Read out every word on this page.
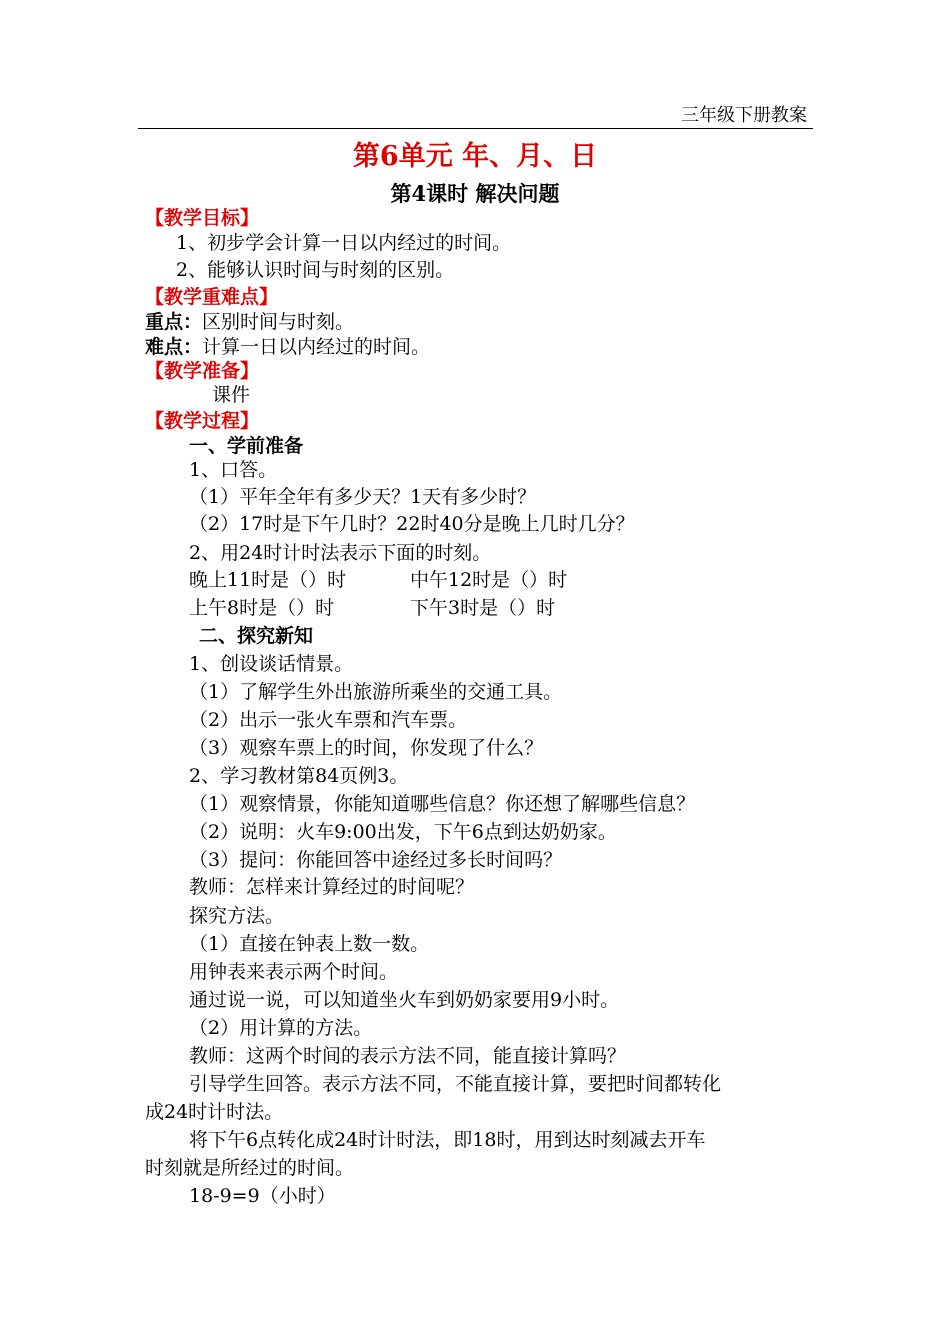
三年级下册教案
第6单元 年、月、日
第4课时 解决问题
【教学目标】
1、初步学会计算一日以内经过的时间。
2、能够认识时间与时刻的区别。
【教学重难点】
重点：区别时间与时刻。
难点：计算一日以内经过的时间。
【教学准备】
课件
【教学过程】
一、学前准备
1、口答。
（1）平年全年有多少天？1天有多少时？
（2）17时是下午几时？22时40分是晚上几时几分？
2、用24时计时法表示下面的时刻。
晚上11时是（）时	中午12时是（）时
上午8时是（）时	下午3时是（）时
二、探究新知
1、创设谈话情景。
（1）了解学生外出旅游所乘坐的交通工具。
（2）出示一张火车票和汽车票。
（3）观察车票上的时间，你发现了什么？
2、学习教材第84页例3。
（1）观察情景，你能知道哪些信息？你还想了解哪些信息？
（2）说明：火车9:00出发，下午6点到达奶奶家。
（3）提问：你能回答中途经过多长时间吗？
教师：怎样来计算经过的时间呢？
探究方法。
（1）直接在钟表上数一数。
用钟表来表示两个时间。
通过说一说，可以知道坐火车到奶奶家要用9小时。
（2）用计算的方法。
教师：这两个时间的表示方法不同，能直接计算吗？
引导学生回答。表示方法不同，不能直接计算，要把时间都转化
成24时计时法。
将下午6点转化成24时计时法，即18时，用到达时刻减去开车
时刻就是所经过的时间。
18-9=9（小时）
